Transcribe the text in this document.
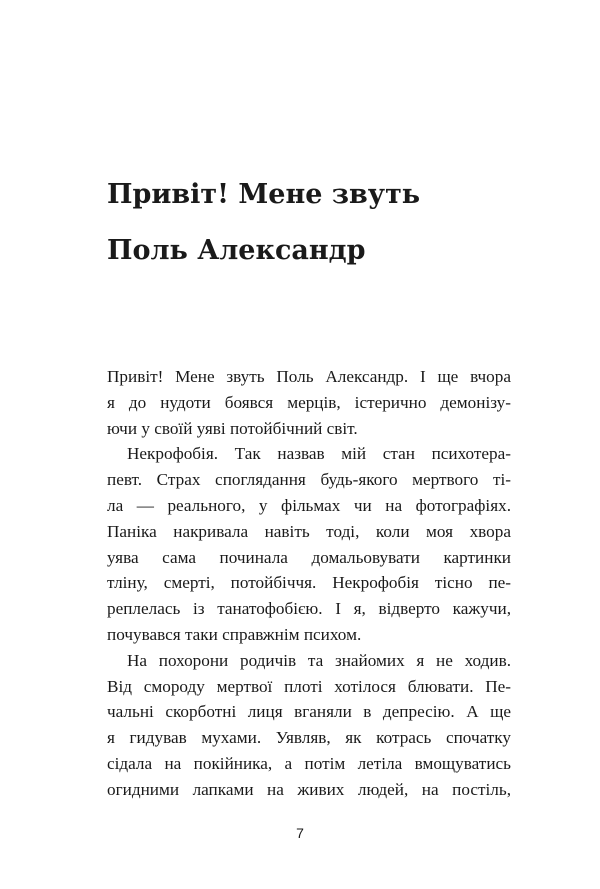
Привіт! Мене звуть
Поль Александр
Привіт! Мене звуть Поль Александр. І ще вчора
я до нудоти боявся мерців, істерично демонізу-
ючи у своїй уяві потойбічний світ.
Некрофобія. Так назвав мій стан психотера-
певт. Страх споглядання будь-якого мертвого ті-
ла — реального, у фільмах чи на фотографіях.
Паніка накривала навіть тоді, коли моя хвора
уява сама починала домальовувати картинки
тліну, смерті, потойбіччя. Некрофобія тісно пе-
реплелась із танатофобією. І я, відверто кажучи,
почувався таки справжнім психом.
На похорони родичів та знайомих я не ходив.
Від смороду мертвої плоті хотілося блювати. Пе-
чальні скорботні лиця вганяли в депресію. А ще
я гидував мухами. Уявляв, як котрась спочатку
сідала на покійника, а потім летіла вмощуватись
огидними лапками на живих людей, на постіль,
7
